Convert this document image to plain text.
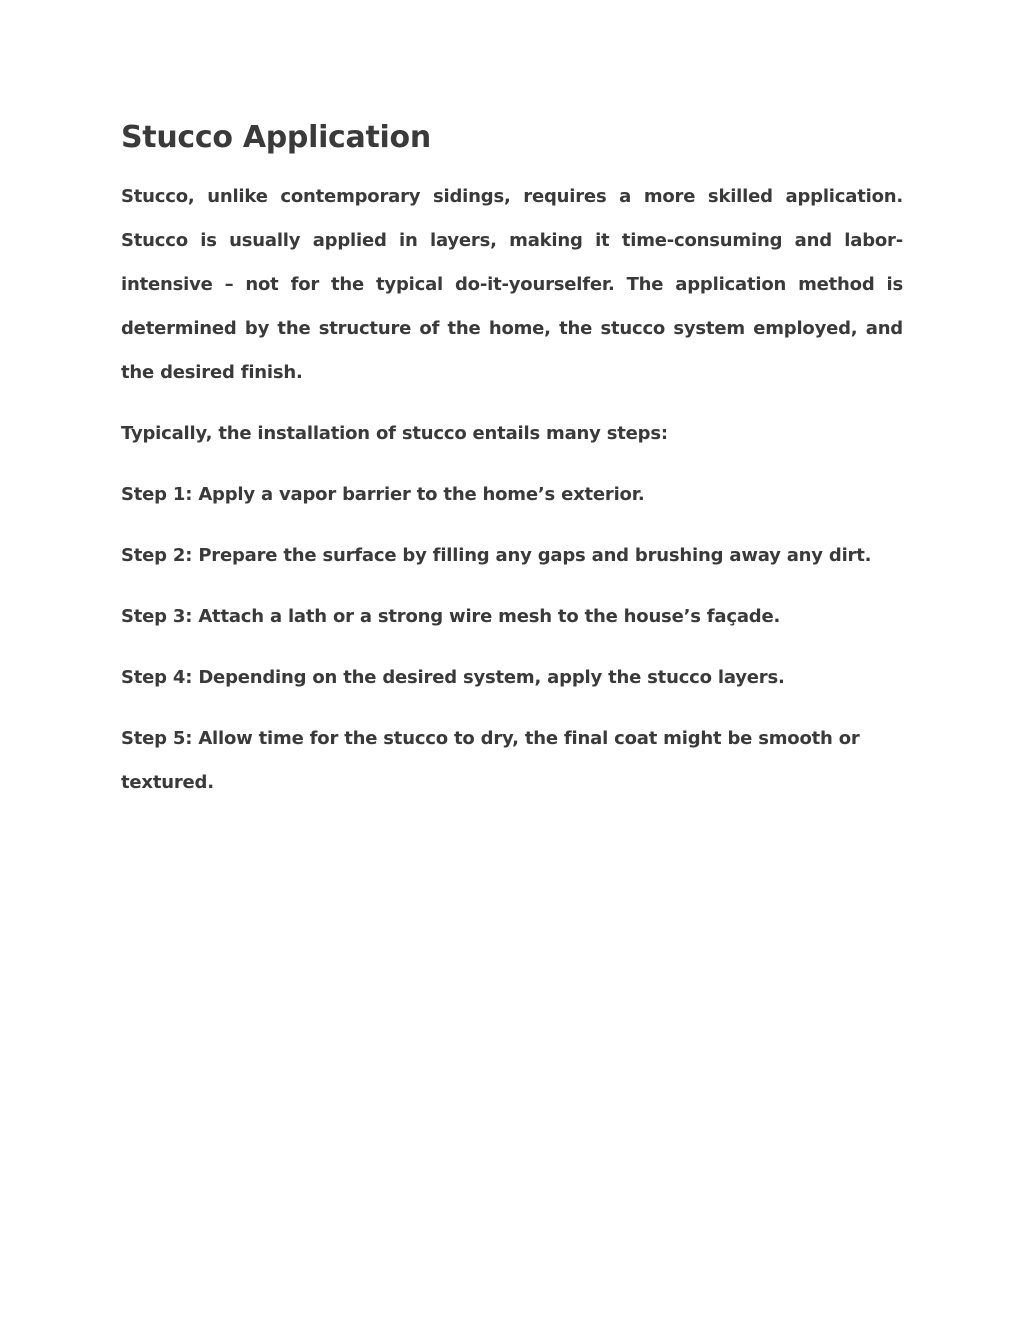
Stucco Application

Stucco, unlike contemporary sidings, requires a more skilled application. Stucco is usually applied in layers, making it time-consuming and labor-intensive – not for the typical do-it-yourselfer. The application method is determined by the structure of the home, the stucco system employed, and the desired finish.

Typically, the installation of stucco entails many steps:

Step 1: Apply a vapor barrier to the home’s exterior.
Step 2: Prepare the surface by filling any gaps and brushing away any dirt.
Step 3: Attach a lath or a strong wire mesh to the house’s façade.
Step 4: Depending on the desired system, apply the stucco layers.
Step 5: Allow time for the stucco to dry, the final coat might be smooth or textured.
